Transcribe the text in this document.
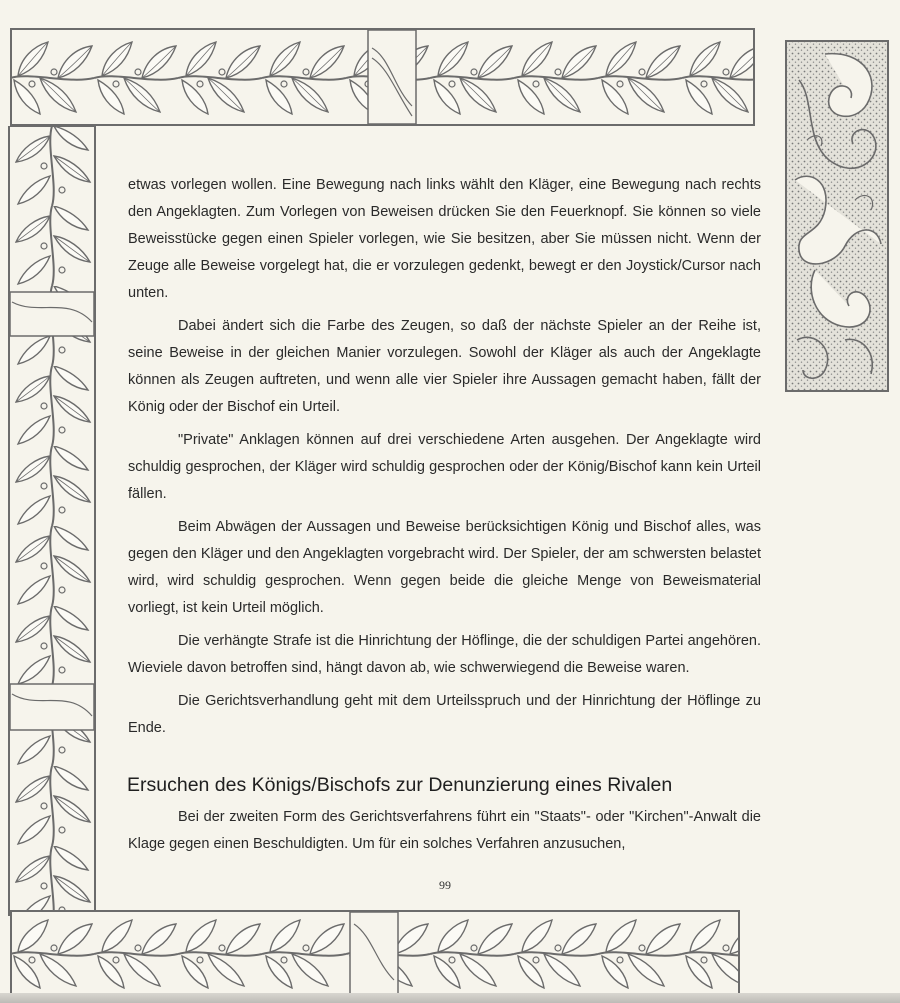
etwas vorlegen wollen. Eine Bewegung nach links wählt den Kläger, eine Bewegung nach rechts den Angeklagten. Zum Vorlegen von Beweisen drücken Sie den Feuerknopf. Sie können so viele Beweisstücke gegen einen Spieler vorlegen, wie Sie besitzen, aber Sie müssen nicht. Wenn der Zeuge alle Beweise vorgelegt hat, die er vorzulegen gedenkt, bewegt er den Joystick/Cursor nach unten.

Dabei ändert sich die Farbe des Zeugen, so daß der nächste Spieler an der Reihe ist, seine Beweise in der gleichen Manier vorzulegen. Sowohl der Kläger als auch der Angeklagte können als Zeugen auftreten, und wenn alle vier Spieler ihre Aussagen gemacht haben, fällt der König oder der Bischof ein Urteil.

"Private" Anklagen können auf drei verschiedene Arten ausgehen. Der Angeklagte wird schuldig gesprochen, der Kläger wird schuldig gesprochen oder der König/Bischof kann kein Urteil fällen.

Beim Abwägen der Aussagen und Beweise berücksichtigen König und Bischof alles, was gegen den Kläger und den Angeklagten vorgebracht wird. Der Spieler, der am schwersten belastet wird, wird schuldig gesprochen. Wenn gegen beide die gleiche Menge von Beweismaterial vorliegt, ist kein Urteil möglich.

Die verhängte Strafe ist die Hinrichtung der Höflinge, die der schuldigen Partei angehören. Wieviele davon betroffen sind, hängt davon ab, wie schwerwiegend die Beweise waren.

Die Gerichtsverhandlung geht mit dem Urteilsspruch und der Hinrichtung der Höflinge zu Ende.

Ersuchen des Königs/Bischofs zur Denunzierung eines Rivalen
Bei der zweiten Form des Gerichtsverfahrens führt ein "Staats"- oder "Kirchen"-Anwalt die Klage gegen einen Beschuldigten. Um für ein solches Verfahren anzusuchen,
99
